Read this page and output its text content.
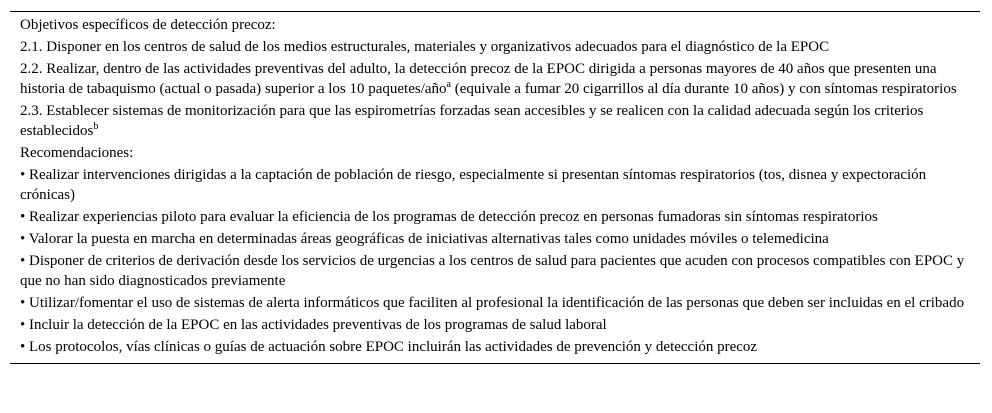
Objetivos específicos de detección precoz:
2.1. Disponer en los centros de salud de los medios estructurales, materiales y organizativos adecuados para el diagnóstico de la EPOC
2.2. Realizar, dentro de las actividades preventivas del adulto, la detección precoz de la EPOC dirigida a personas mayores de 40 años que presenten una historia de tabaquismo (actual o pasada) superior a los 10 paquetes/año$^a$ (equivale a fumar 20 cigarrillos al día durante 10 años) y con síntomas respiratorios
2.3. Establecer sistemas de monitorización para que las espirometrías forzadas sean accesibles y se realicen con la calidad adecuada según los criterios establecidos$^b$
Recomendaciones:
• Realizar intervenciones dirigidas a la captación de población de riesgo, especialmente si presentan síntomas respiratorios (tos, disnea y expectoración crónicas)
• Realizar experiencias piloto para evaluar la eficiencia de los programas de detección precoz en personas fumadoras sin síntomas respiratorios
• Valorar la puesta en marcha en determinadas áreas geográficas de iniciativas alternativas tales como unidades móviles o telemedicina
• Disponer de criterios de derivación desde los servicios de urgencias a los centros de salud para pacientes que acuden con procesos compatibles con EPOC y que no han sido diagnosticados previamente
• Utilizar/fomentar el uso de sistemas de alerta informáticos que faciliten al profesional la identificación de las personas que deben ser incluidas en el cribado
• Incluir la detección de la EPOC en las actividades preventivas de los programas de salud laboral
• Los protocolos, vías clínicas o guías de actuación sobre EPOC incluirán las actividades de prevención y detección precoz
